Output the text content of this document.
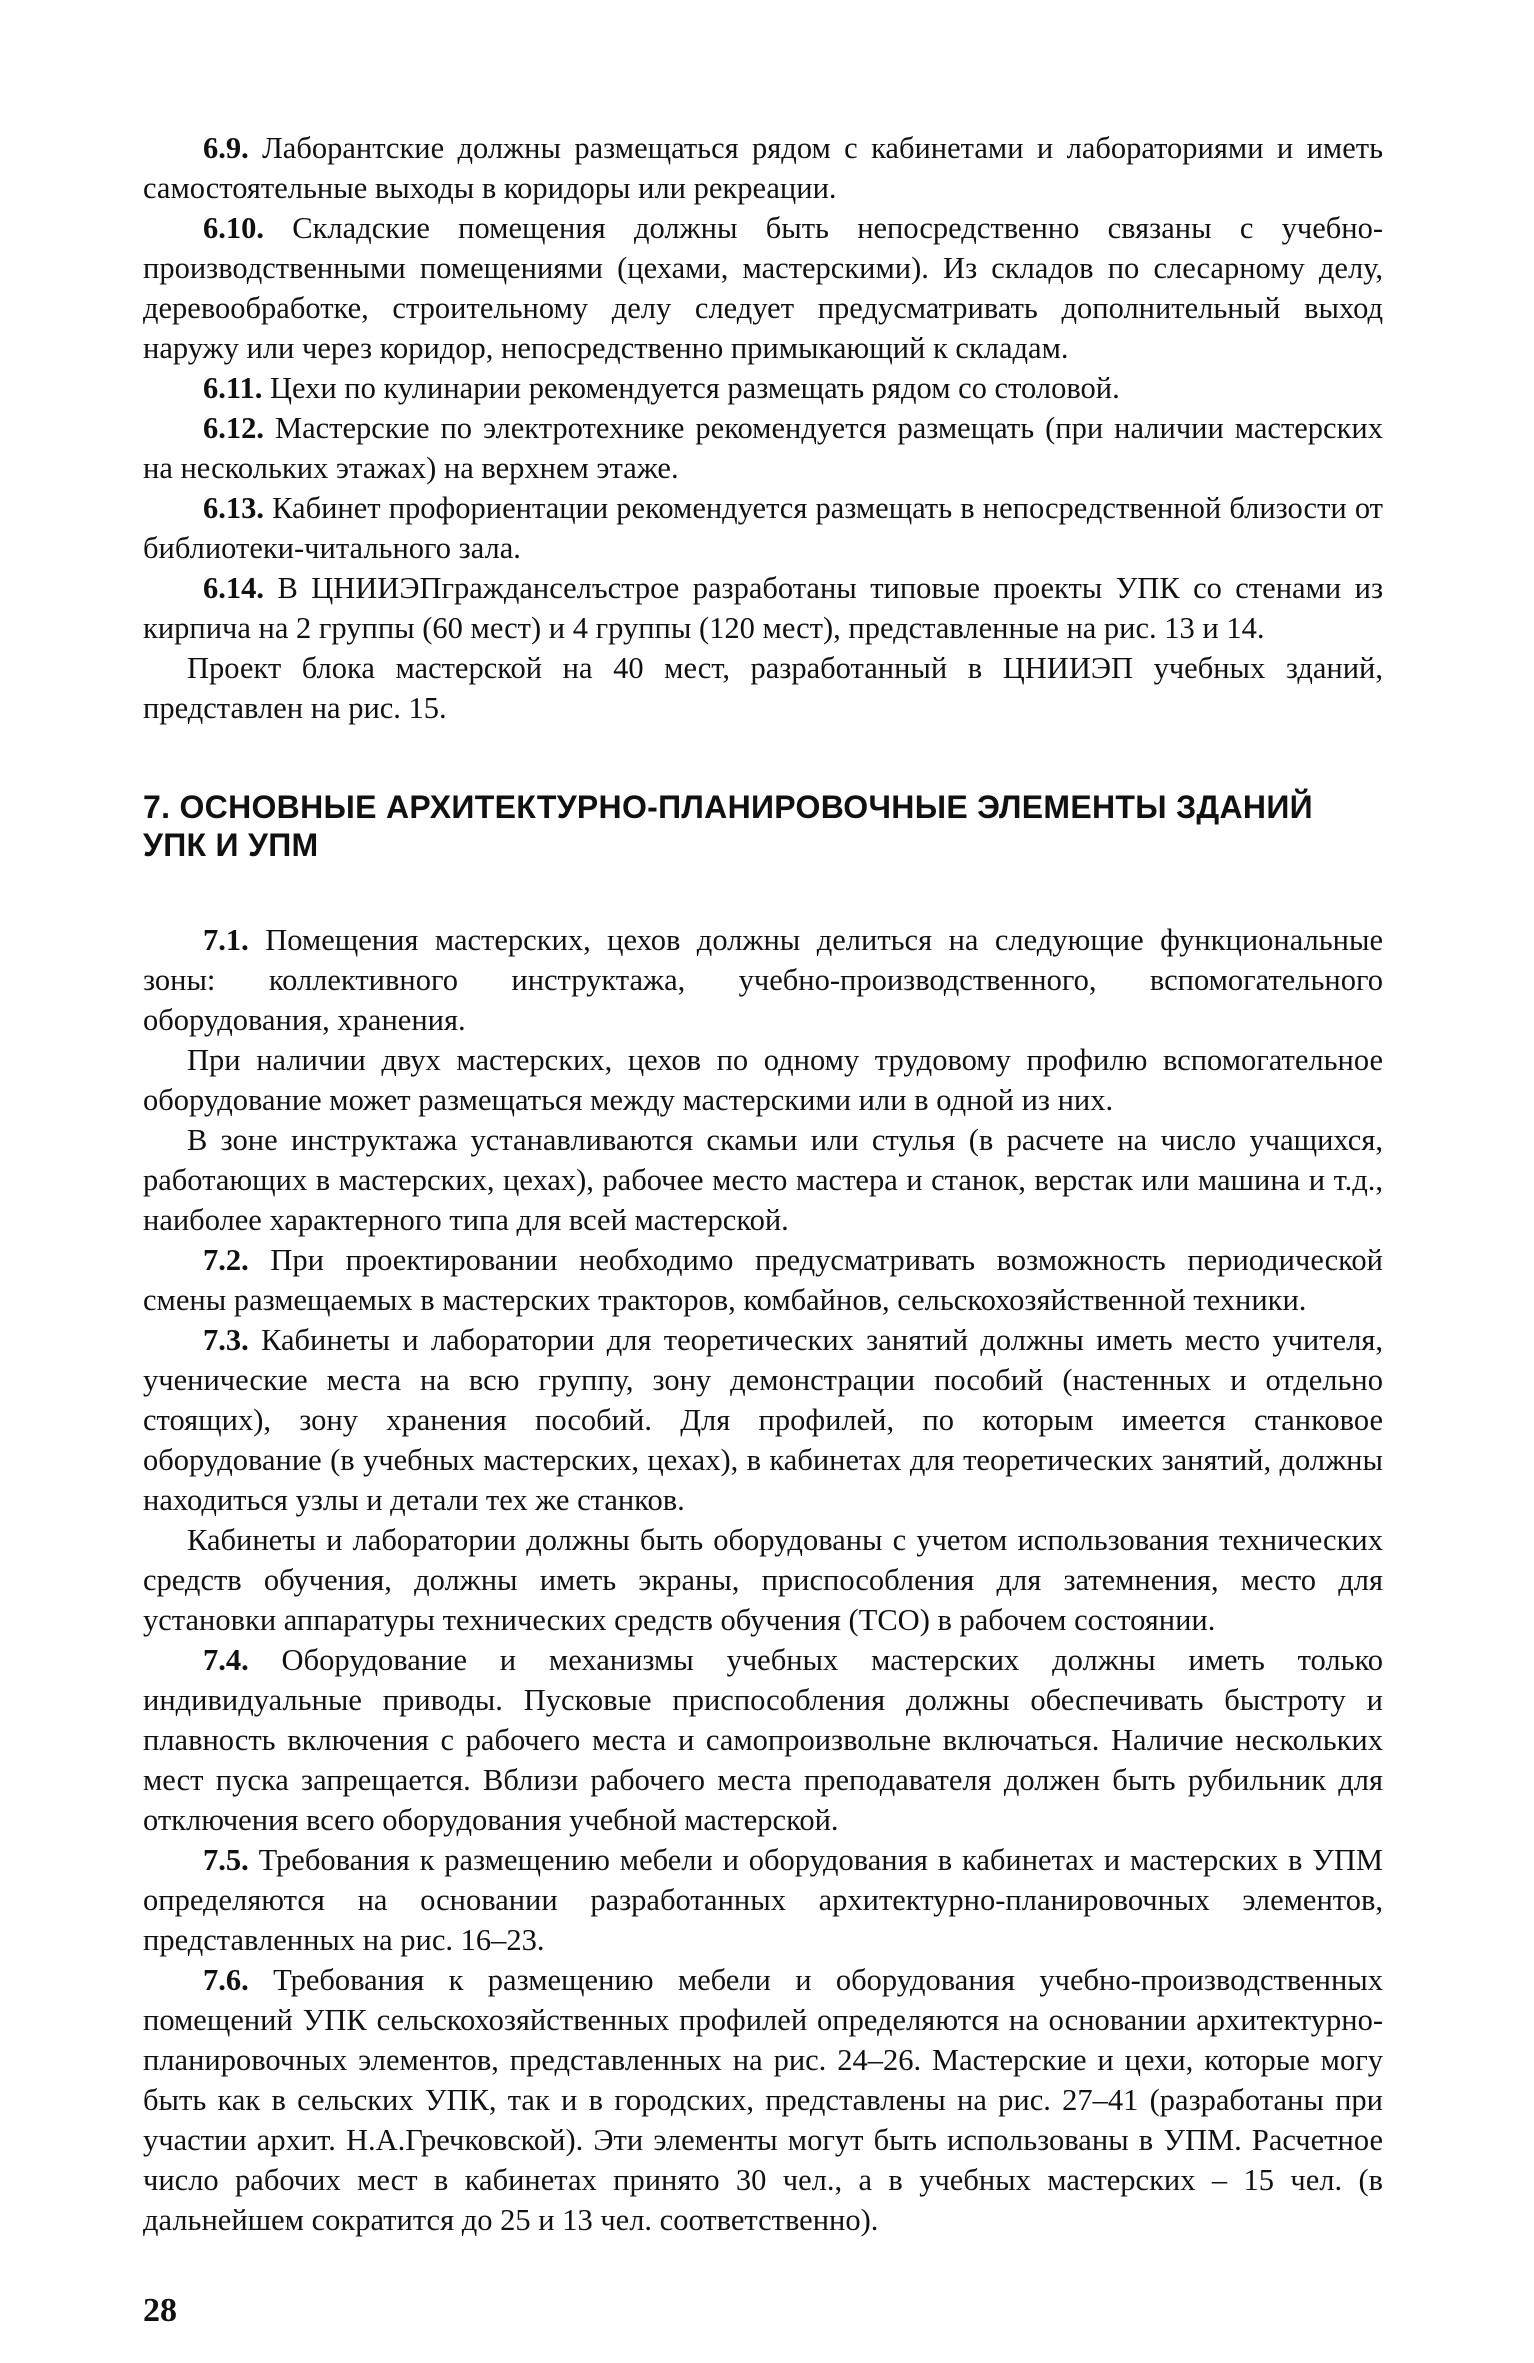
6.9. Лаборантские должны размещаться рядом с кабинетами и лабораториями и иметь самостоятельные выходы в коридоры или рекреации.

6.10. Складские помещения должны быть непосредственно связаны с учебно-производственными помещениями (цехами, мастерскими). Из складов по слесарному делу, деревообработке, строительному делу следует предусматривать дополнительный выход наружу или через коридор, непосредственно примыкающий к складам.

6.11. Цехи по кулинарии рекомендуется размещать рядом со столовой.

6.12. Мастерские по электротехнике рекомендуется размещать (при наличии мастерских на нескольких этажах) на верхнем этаже.

6.13. Кабинет профориентации рекомендуется размещать в непосредственной близости от библиотеки-читального зала.

6.14. В ЦНИИЭПгражданселъстрое разработаны типовые проекты УПК со стенами из кирпича на 2 группы (60 мест) и 4 группы (120 мест), представленные на рис. 13 и 14.

Проект блока мастерской на 40 мест, разработанный в ЦНИИЭП учебных зданий, представлен на рис. 15.

7. ОСНОВНЫЕ АРХИТЕКТУРНО-ПЛАНИРОВОЧНЫЕ ЭЛЕМЕНТЫ ЗДАНИЙ УПК И УПМ

7.1. Помещения мастерских, цехов должны делиться на следующие функциональные зоны: коллективного инструктажа, учебно-производственного, вспомогательного оборудования, хранения.

При наличии двух мастерских, цехов по одному трудовому профилю вспомогательное оборудование может размещаться между мастерскими или в одной из них.

В зоне инструктажа устанавливаются скамьи или стулья (в расчете на число учащихся, работающих в мастерских, цехах), рабочее место мастера и станок, верстак или машина и т.д., наиболее характерного типа для всей мастерской.

7.2. При проектировании необходимо предусматривать возможность периодической смены размещаемых в мастерских тракторов, комбайнов, сельскохозяйственной техники.

7.3. Кабинеты и лаборатории для теоретических занятий должны иметь место учителя, ученические места на всю группу, зону демонстрации пособий (настенных и отдельно стоящих), зону хранения пособий. Для профилей, по которым имеется станковое оборудование (в учебных мастерских, цехах), в кабинетах для теоретических занятий, должны находиться узлы и детали тех же станков.

Кабинеты и лаборатории должны быть оборудованы с учетом использования технических средств обучения, должны иметь экраны, приспособления для затемнения, место для установки аппаратуры технических средств обучения (ТСО) в рабочем состоянии.

7.4. Оборудование и механизмы учебных мастерских должны иметь только индивидуальные приводы. Пусковые приспособления должны обеспечивать быстроту и плавность включения с рабочего места и самопроизвольне включаться. Наличие нескольких мест пуска запрещается. Вблизи рабочего места преподавателя должен быть рубильник для отключения всего оборудования учебной мастерской.

7.5. Требования к размещению мебели и оборудования в кабинетах и мастерских в УПМ определяются на основании разработанных архитектурно-планировочных элементов, представленных на рис. 16–23.

7.6. Требования к размещению мебели и оборудования учебно-производственных помещений УПК сельскохозяйственных профилей определяются на основании архитектурно-планировочных элементов, представленных на рис. 24–26. Мастерские и цехи, которые могу быть как в сельских УПК, так и в городских, представлены на рис. 27–41 (разработаны при участии архит. Н.А.Гречковской). Эти элементы могут быть использованы в УПМ. Расчетное число рабочих мест в кабинетах принято 30 чел., а в учебных мастерских – 15 чел. (в дальнейшем сократится до 25 и 13 чел. соответственно).

28
